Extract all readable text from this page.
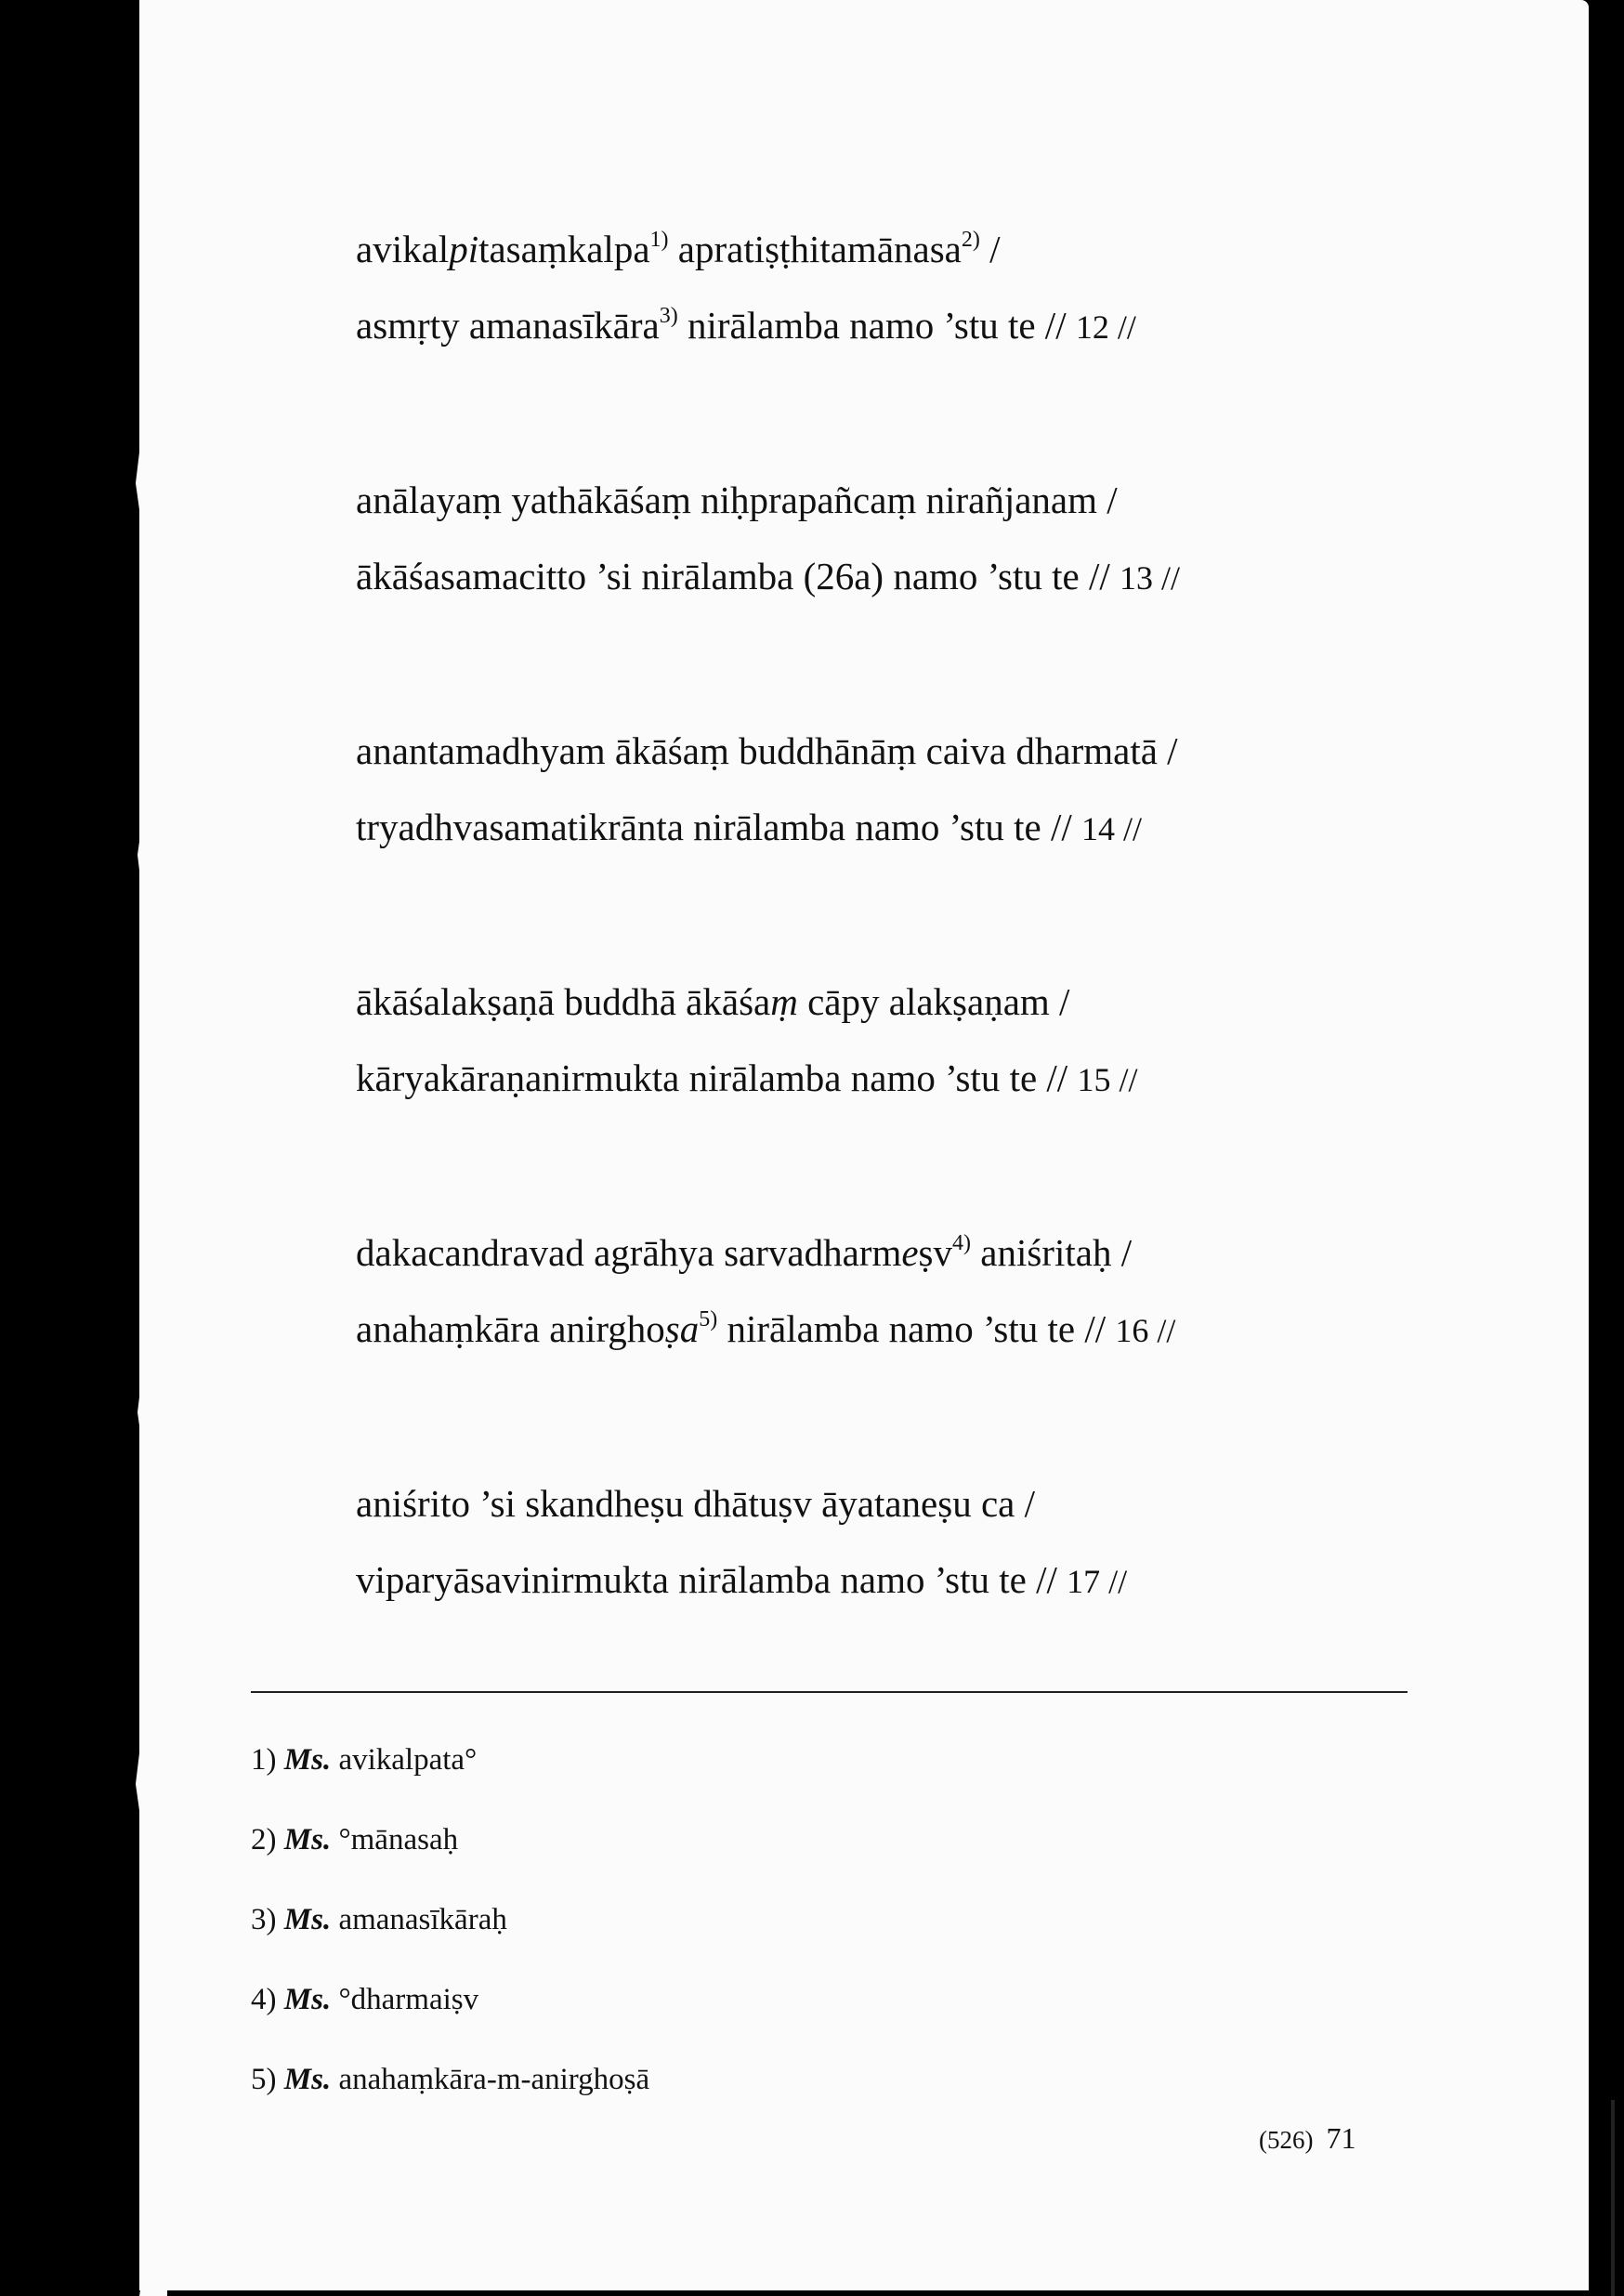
avikalpitasaṃkalpa$^{1)}$ apratiṣṭhitamānasa$^{2)}$ /
asmṛty amanasīkāra$^{3)}$ nirālamba namo ’stu te // 12 //
anālayaṃ yathākāśaṃ niḥprapañcaṃ nirañjanam /
ākāśasamacitto ’si nirālamba (26a) namo ’stu te // 13 //
anantamadhyam ākāśaṃ buddhānāṃ caiva dharmatā /
tryadhvasamatikrānta nirālamba namo ’stu te // 14 //
ākāśalakṣaṇā buddhā ākāśaṃ cāpy alakṣaṇam /
kāryakāraṇanirmukta nirālamba namo ’stu te // 15 //
dakacandravad agrāhya sarvadharmeṣv$^{4)}$ aniśritaḥ /
anahaṃkāra anirghoṣa$^{5)}$ nirālamba namo ’stu te // 16 //
aniśrito ’si skandheṣu dhātuṣv āyataneṣu ca /
viparyāsavinirmukta nirālamba namo ’stu te // 17 //
1) Ms. avikalpata°
2) Ms. °mānasaḥ
3) Ms. amanasīkāraḥ
4) Ms. °dharmaiṣv
5) Ms. anahaṃkāra-m-anirghoṣā
(526) 71
